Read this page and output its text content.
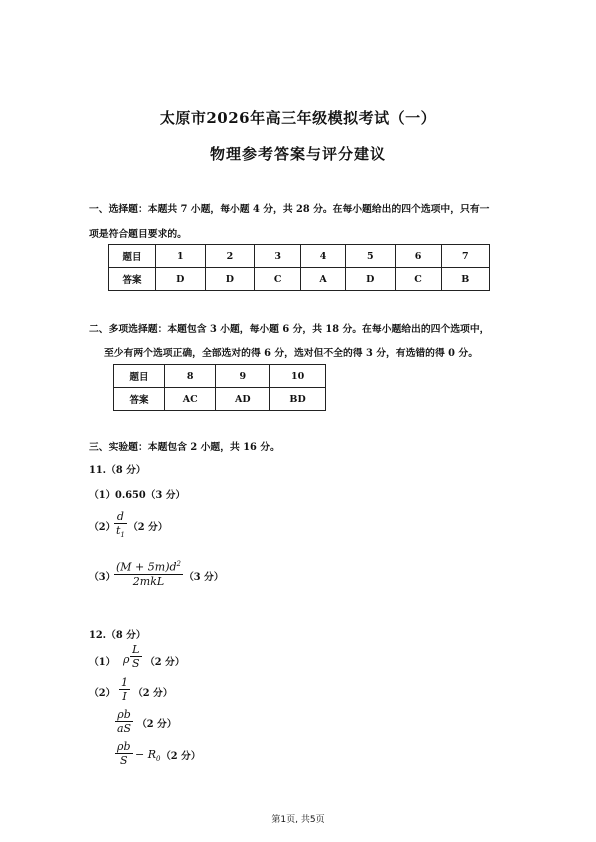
太原市2026年高三年级模拟考试（一）
物理参考答案与评分建议
一、选择题：本题共 7 小题，每小题 4 分，共 28 分。在每小题给出的四个选项中，只有一
项是符合题目要求的。
题目	1	2	3	4	5	6	7
答案	D	D	C	A	D	C	B
二、多项选择题：本题包含 3 小题，每小题 6 分，共 18 分。在每小题给出的四个选项中，
至少有两个选项正确，全部选对的得 6 分，选对但不全的得 3 分，有选错的得 0 分。
题目	8	9	10
答案	AC	AD	BD
三、实验题：本题包含 2 小题，共 16 分。
11.（8 分）
（1） 0.650（3 分）
（2）
d
$t_1$
（2 分）
（3）
$(M + 5m)d^2$
2mkL	（3 分）
12.（8 分）
（1） ρ
L
S （2 分）
（2）
1
I （2 分）
ρb
aS （2 分）
ρb
$S - R_0$ （2 分）
第1页, 共5页
